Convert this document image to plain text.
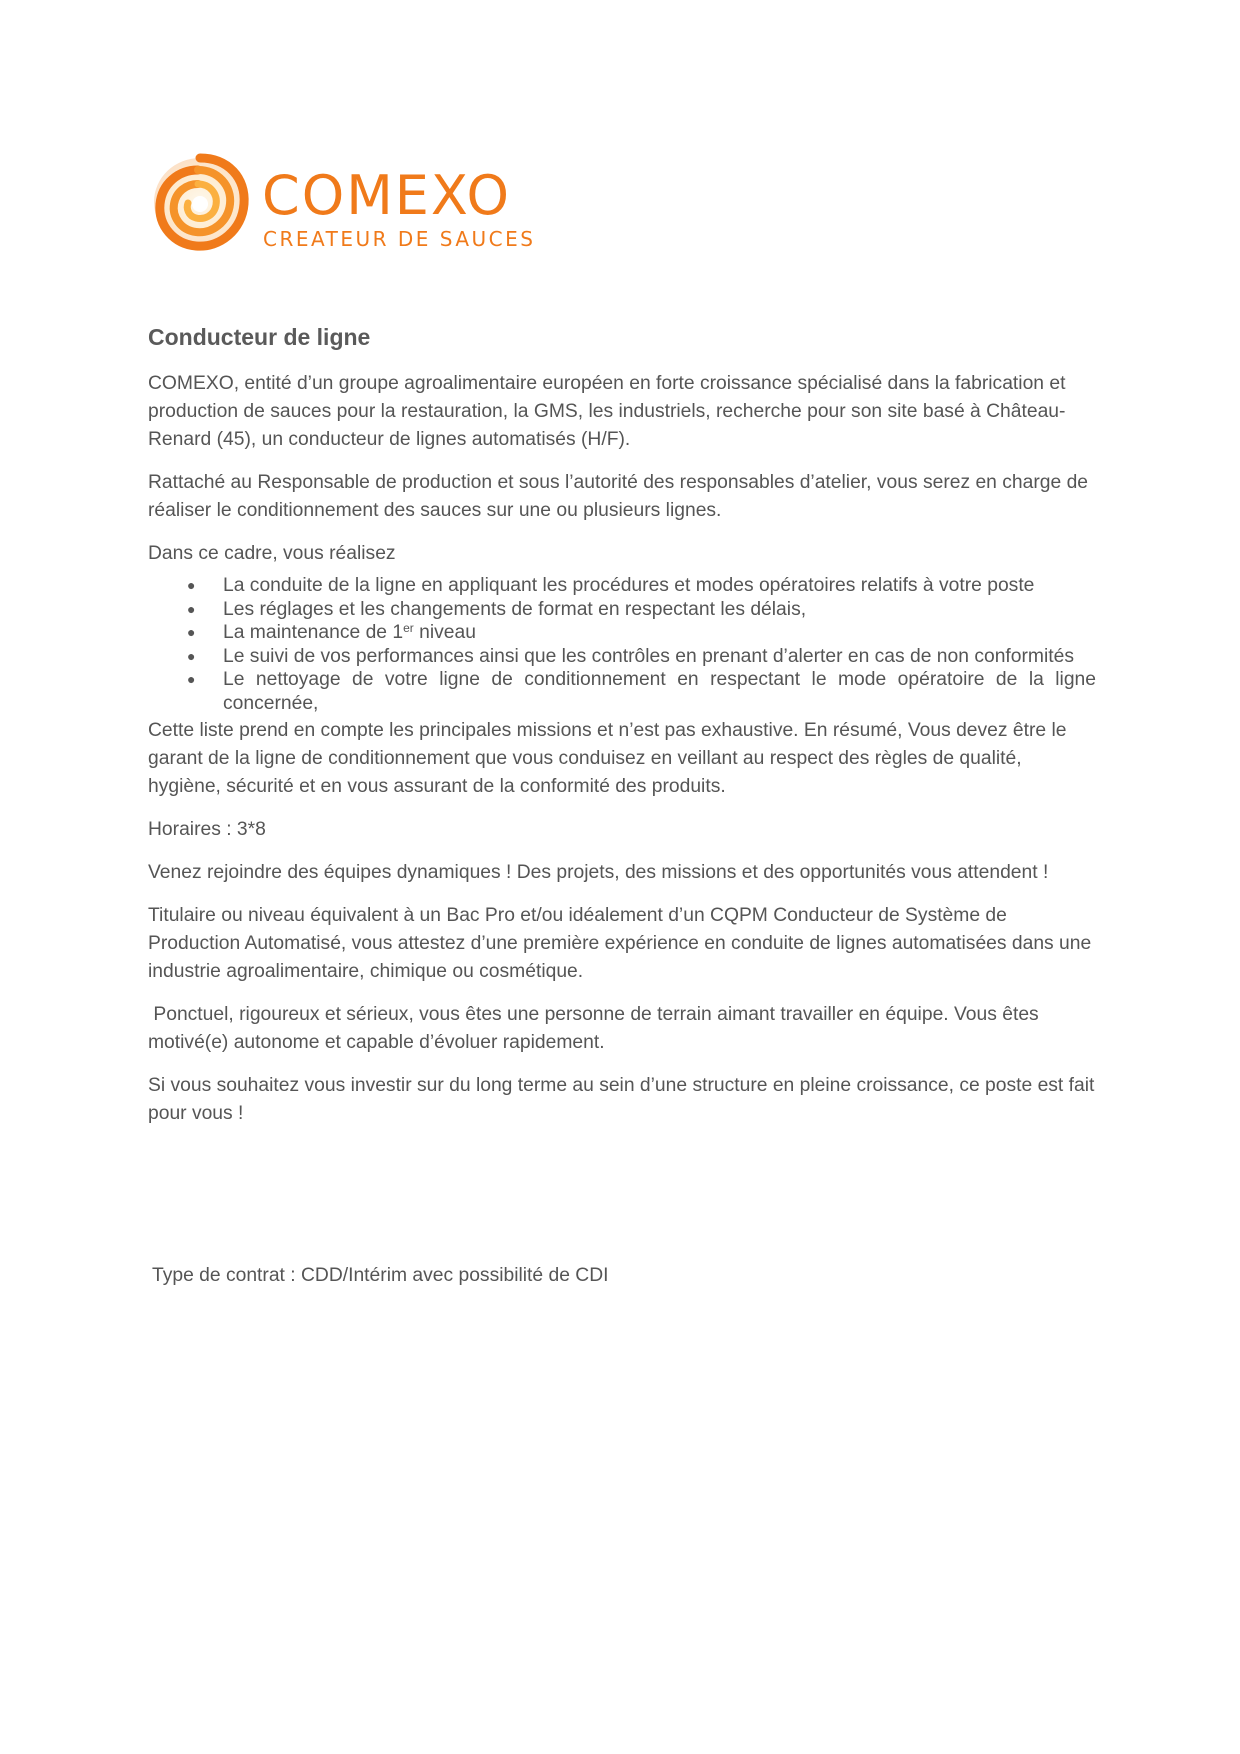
COMEXO
CREATEUR DE SAUCES
Conducteur de ligne

COMEXO, entité d’un groupe agroalimentaire européen en forte croissance spécialisé dans la fabrication et production de sauces pour la restauration, la GMS, les industriels, recherche pour son site basé à Château-Renard (45), un conducteur de lignes automatisés (H/F).

Rattaché au Responsable de production et sous l’autorité des responsables d’atelier, vous serez en charge de réaliser le conditionnement des sauces sur une ou plusieurs lignes.

Dans ce cadre, vous réalisez

● La conduite de la ligne en appliquant les procédures et modes opératoires relatifs à votre poste
● Les réglages et les changements de format en respectant les délais,
● La maintenance de 1er niveau
● Le suivi de vos performances ainsi que les contrôles en prenant d’alerter en cas de non conformités
● Le nettoyage de votre ligne de conditionnement en respectant le mode opératoire de la ligne concernée,

Cette liste prend en compte les principales missions et n’est pas exhaustive. En résumé, Vous devez être le garant de la ligne de conditionnement que vous conduisez en veillant au respect des règles de qualité, hygiène, sécurité et en vous assurant de la conformité des produits.

Horaires : 3*8

Venez rejoindre des équipes dynamiques ! Des projets, des missions et des opportunités vous attendent !

Titulaire ou niveau équivalent à un Bac Pro et/ou idéalement d’un CQPM Conducteur de Système de Production Automatisé, vous attestez d’une première expérience en conduite de lignes automatisées dans une industrie agroalimentaire, chimique ou cosmétique.

Ponctuel, rigoureux et sérieux, vous êtes une personne de terrain aimant travailler en équipe. Vous êtes motivé(e) autonome et capable d’évoluer rapidement.

Si vous souhaitez vous investir sur du long terme au sein d’une structure en pleine croissance, ce poste est fait pour vous !

Type de contrat : CDD/Intérim avec possibilité de CDI
